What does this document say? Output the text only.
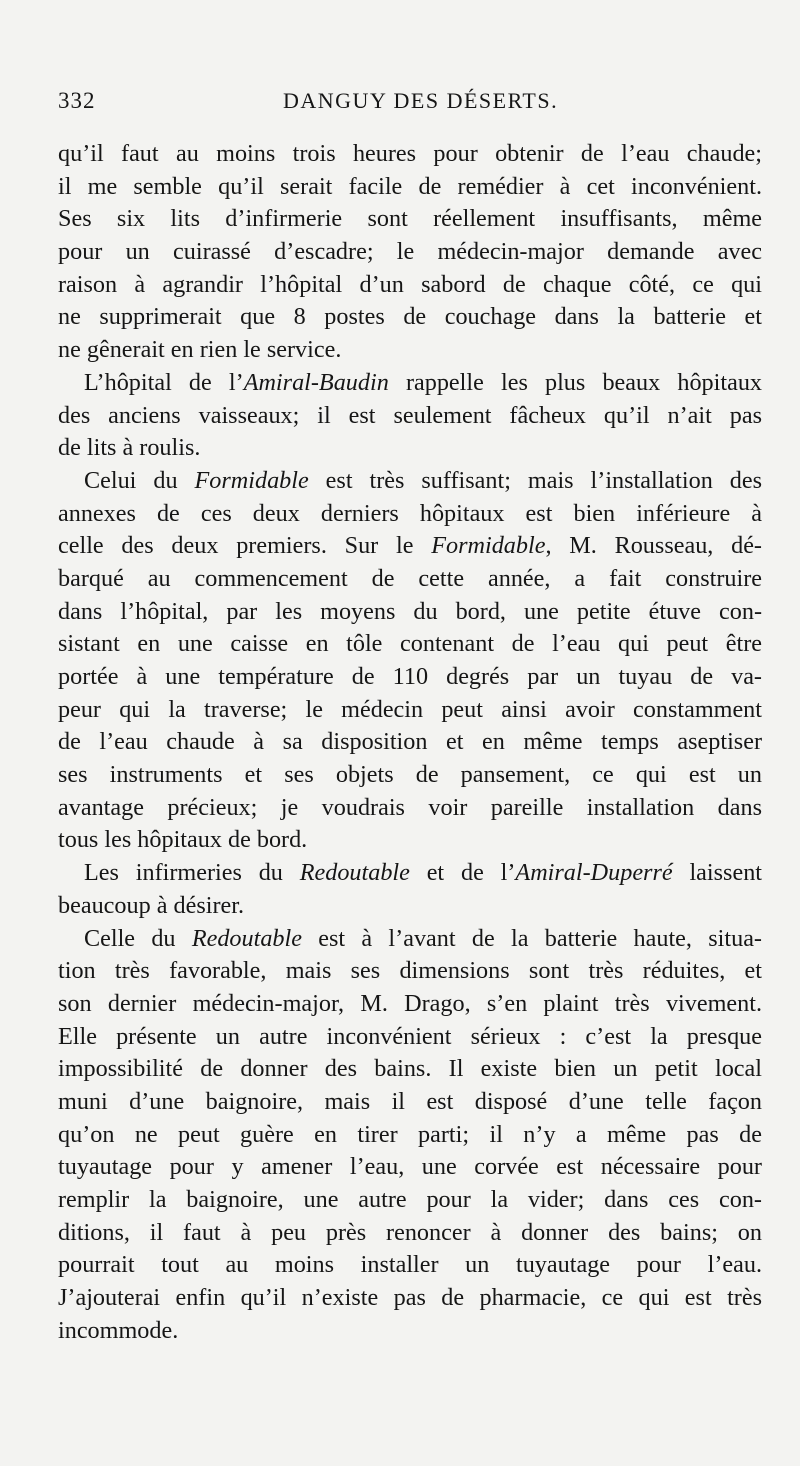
332	DANGUY DES DÉSERTS.
qu’il faut au moins trois heures pour obtenir de l’eau chaude;
il me semble qu’il serait facile de remédier à cet inconvénient.
Ses six lits d’infirmerie sont réellement insuffisants, même
pour un cuirassé d’escadre; le médecin-major demande avec
raison à agrandir l’hôpital d’un sabord de chaque côté, ce qui
ne supprimerait que 8 postes de couchage dans la batterie et
ne gênerait en rien le service.
L’hôpital de l’Amiral-Baudin rappelle les plus beaux hôpitaux
des anciens vaisseaux; il est seulement fâcheux qu’il n’ait pas
de lits à roulis.
Celui du Formidable est très suffisant; mais l’installation des
annexes de ces deux derniers hôpitaux est bien inférieure à
celle des deux premiers. Sur le Formidable, M. Rousseau, dé-
barqué au commencement de cette année, a fait construire
dans l’hôpital, par les moyens du bord, une petite étuve con-
sistant en une caisse en tôle contenant de l’eau qui peut être
portée à une température de 110 degrés par un tuyau de va-
peur qui la traverse; le médecin peut ainsi avoir constamment
de l’eau chaude à sa disposition et en même temps aseptiser
ses instruments et ses objets de pansement, ce qui est un
avantage précieux; je voudrais voir pareille installation dans
tous les hôpitaux de bord.
Les infirmeries du Redoutable et de l’Amiral-Duperré laissent
beaucoup à désirer.
Celle du Redoutable est à l’avant de la batterie haute, situa-
tion très favorable, mais ses dimensions sont très réduites, et
son dernier médecin-major, M. Drago, s’en plaint très vivement.
Elle présente un autre inconvénient sérieux : c’est la presque
impossibilité de donner des bains. Il existe bien un petit local
muni d’une baignoire, mais il est disposé d’une telle façon
qu’on ne peut guère en tirer parti; il n’y a même pas de
tuyautage pour y amener l’eau, une corvée est nécessaire pour
remplir la baignoire, une autre pour la vider; dans ces con-
ditions, il faut à peu près renoncer à donner des bains; on
pourrait tout au moins installer un tuyautage pour l’eau.
J’ajouterai enfin qu’il n’existe pas de pharmacie, ce qui est très
incommode.
